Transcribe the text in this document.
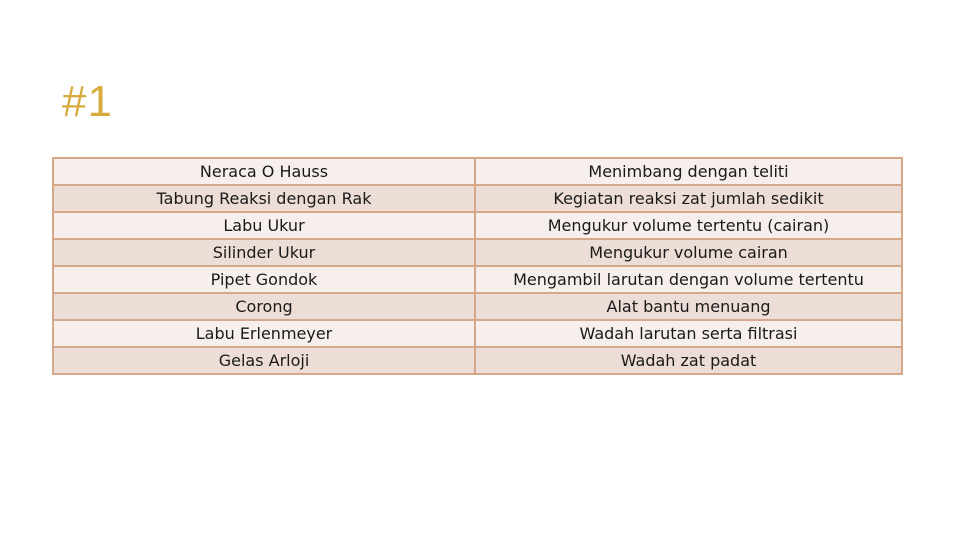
#1
Neraca O Hauss	Menimbang dengan teliti
Tabung Reaksi dengan Rak	Kegiatan reaksi zat jumlah sedikit
Labu Ukur	Mengukur volume tertentu (cairan)
Silinder Ukur	Mengukur volume cairan
Pipet Gondok	Mengambil larutan dengan volume tertentu
Corong	Alat bantu menuang
Labu Erlenmeyer	Wadah larutan serta filtrasi
Gelas Arloji	Wadah zat padat
